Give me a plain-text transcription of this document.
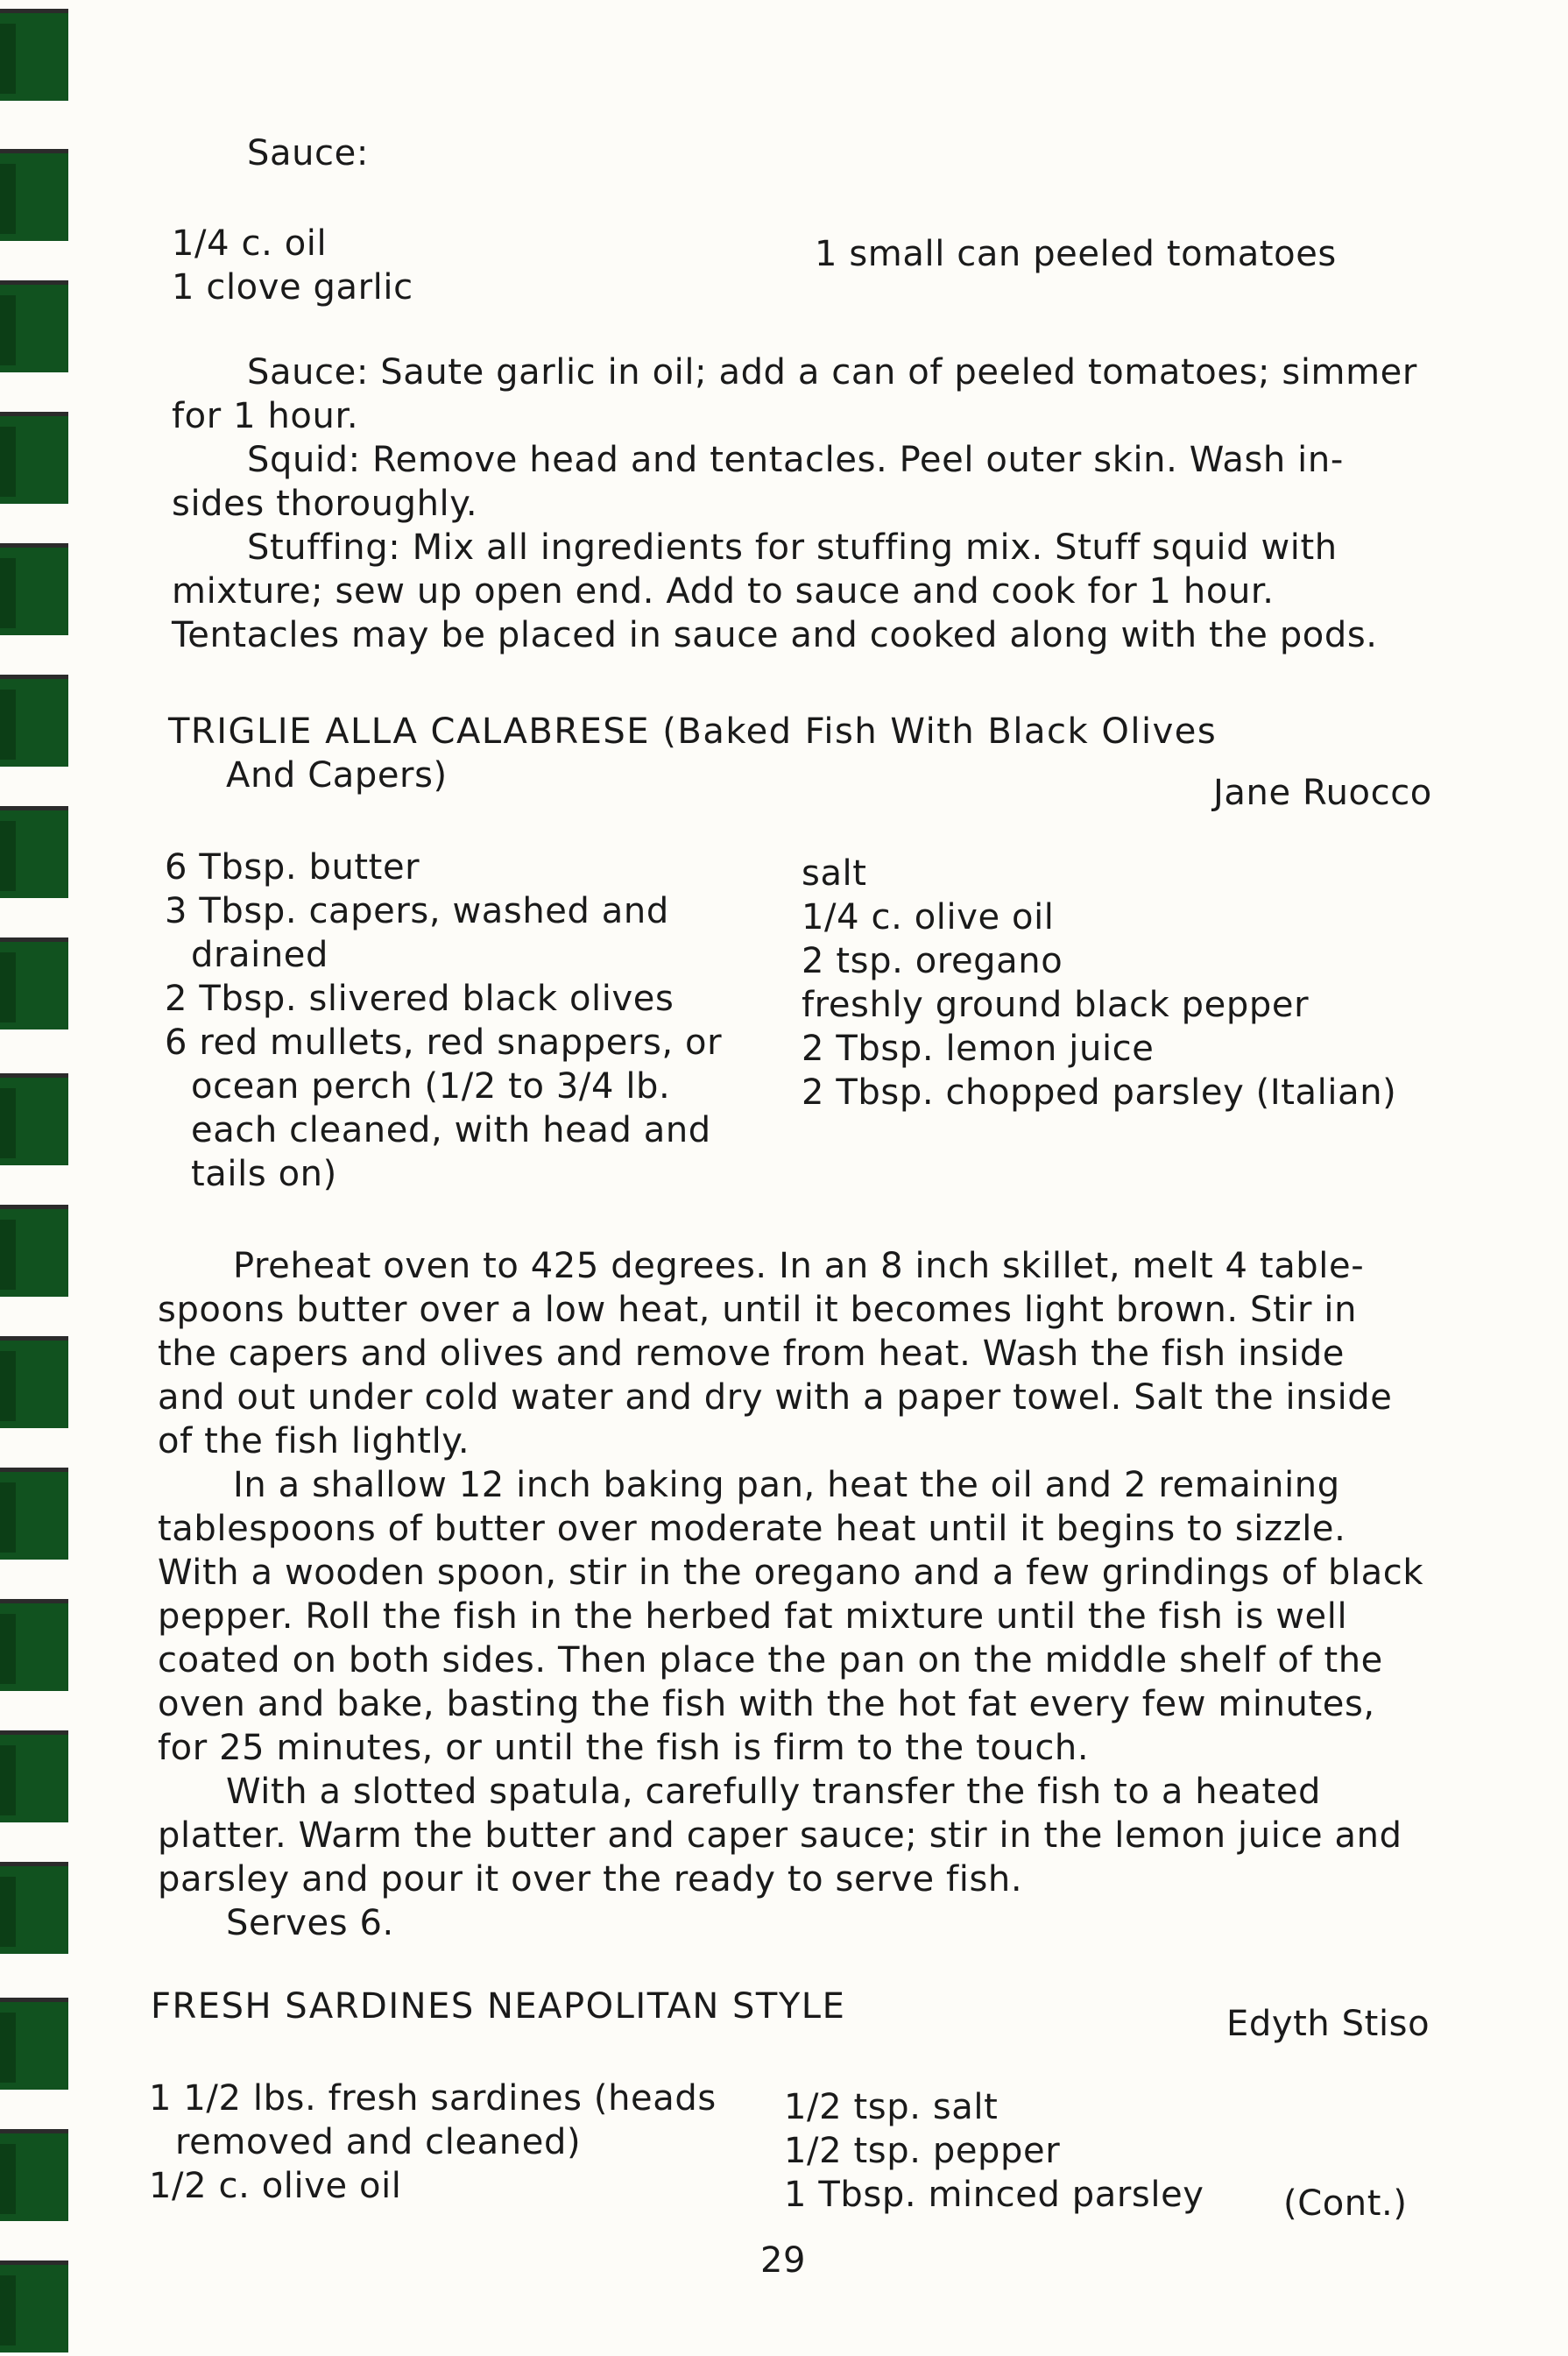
Sauce:
1/4 c. oil
1 clove garlic
1 small can peeled tomatoes
Sauce: Saute garlic in oil; add a can of peeled tomatoes; simmer
for 1 hour.
Squid: Remove head and tentacles. Peel outer skin. Wash in-
sides thoroughly.
Stuffing: Mix all ingredients for stuffing mix. Stuff squid with
mixture; sew up open end. Add to sauce and cook for 1 hour.
Tentacles may be placed in sauce and cooked along with the pods.
TRIGLIE ALLA CALABRESE (Baked Fish With Black Olives
And Capers)	Jane Ruocco
6 Tbsp. butter
3 Tbsp. capers, washed and
drained
2 Tbsp. slivered black olives
6 red mullets, red snappers, or
ocean perch (1/2 to 3/4 lb.
each cleaned, with head and
tails on)
salt
1/4 c. olive oil
2 tsp. oregano
freshly ground black pepper
2 Tbsp. lemon juice
2 Tbsp. chopped parsley (Italian)
Preheat oven to 425 degrees. In an 8 inch skillet, melt 4 table-
spoons butter over a low heat, until it becomes light brown. Stir in
the capers and olives and remove from heat. Wash the fish inside
and out under cold water and dry with a paper towel. Salt the inside
of the fish lightly.
In a shallow 12 inch baking pan, heat the oil and 2 remaining
tablespoons of butter over moderate heat until it begins to sizzle.
With a wooden spoon, stir in the oregano and a few grindings of black
pepper. Roll the fish in the herbed fat mixture until the fish is well
coated on both sides. Then place the pan on the middle shelf of the
oven and bake, basting the fish with the hot fat every few minutes,
for 25 minutes, or until the fish is firm to the touch.
With a slotted spatula, carefully transfer the fish to a heated
platter. Warm the butter and caper sauce; stir in the lemon juice and
parsley and pour it over the ready to serve fish.
Serves 6.
FRESH SARDINES NEAPOLITAN STYLE	Edyth Stiso
1 1/2 lbs. fresh sardines (heads
removed and cleaned)
1/2 c. olive oil
1/2 tsp. salt
1/2 tsp. pepper
1 Tbsp. minced parsley (Cont.)
29
